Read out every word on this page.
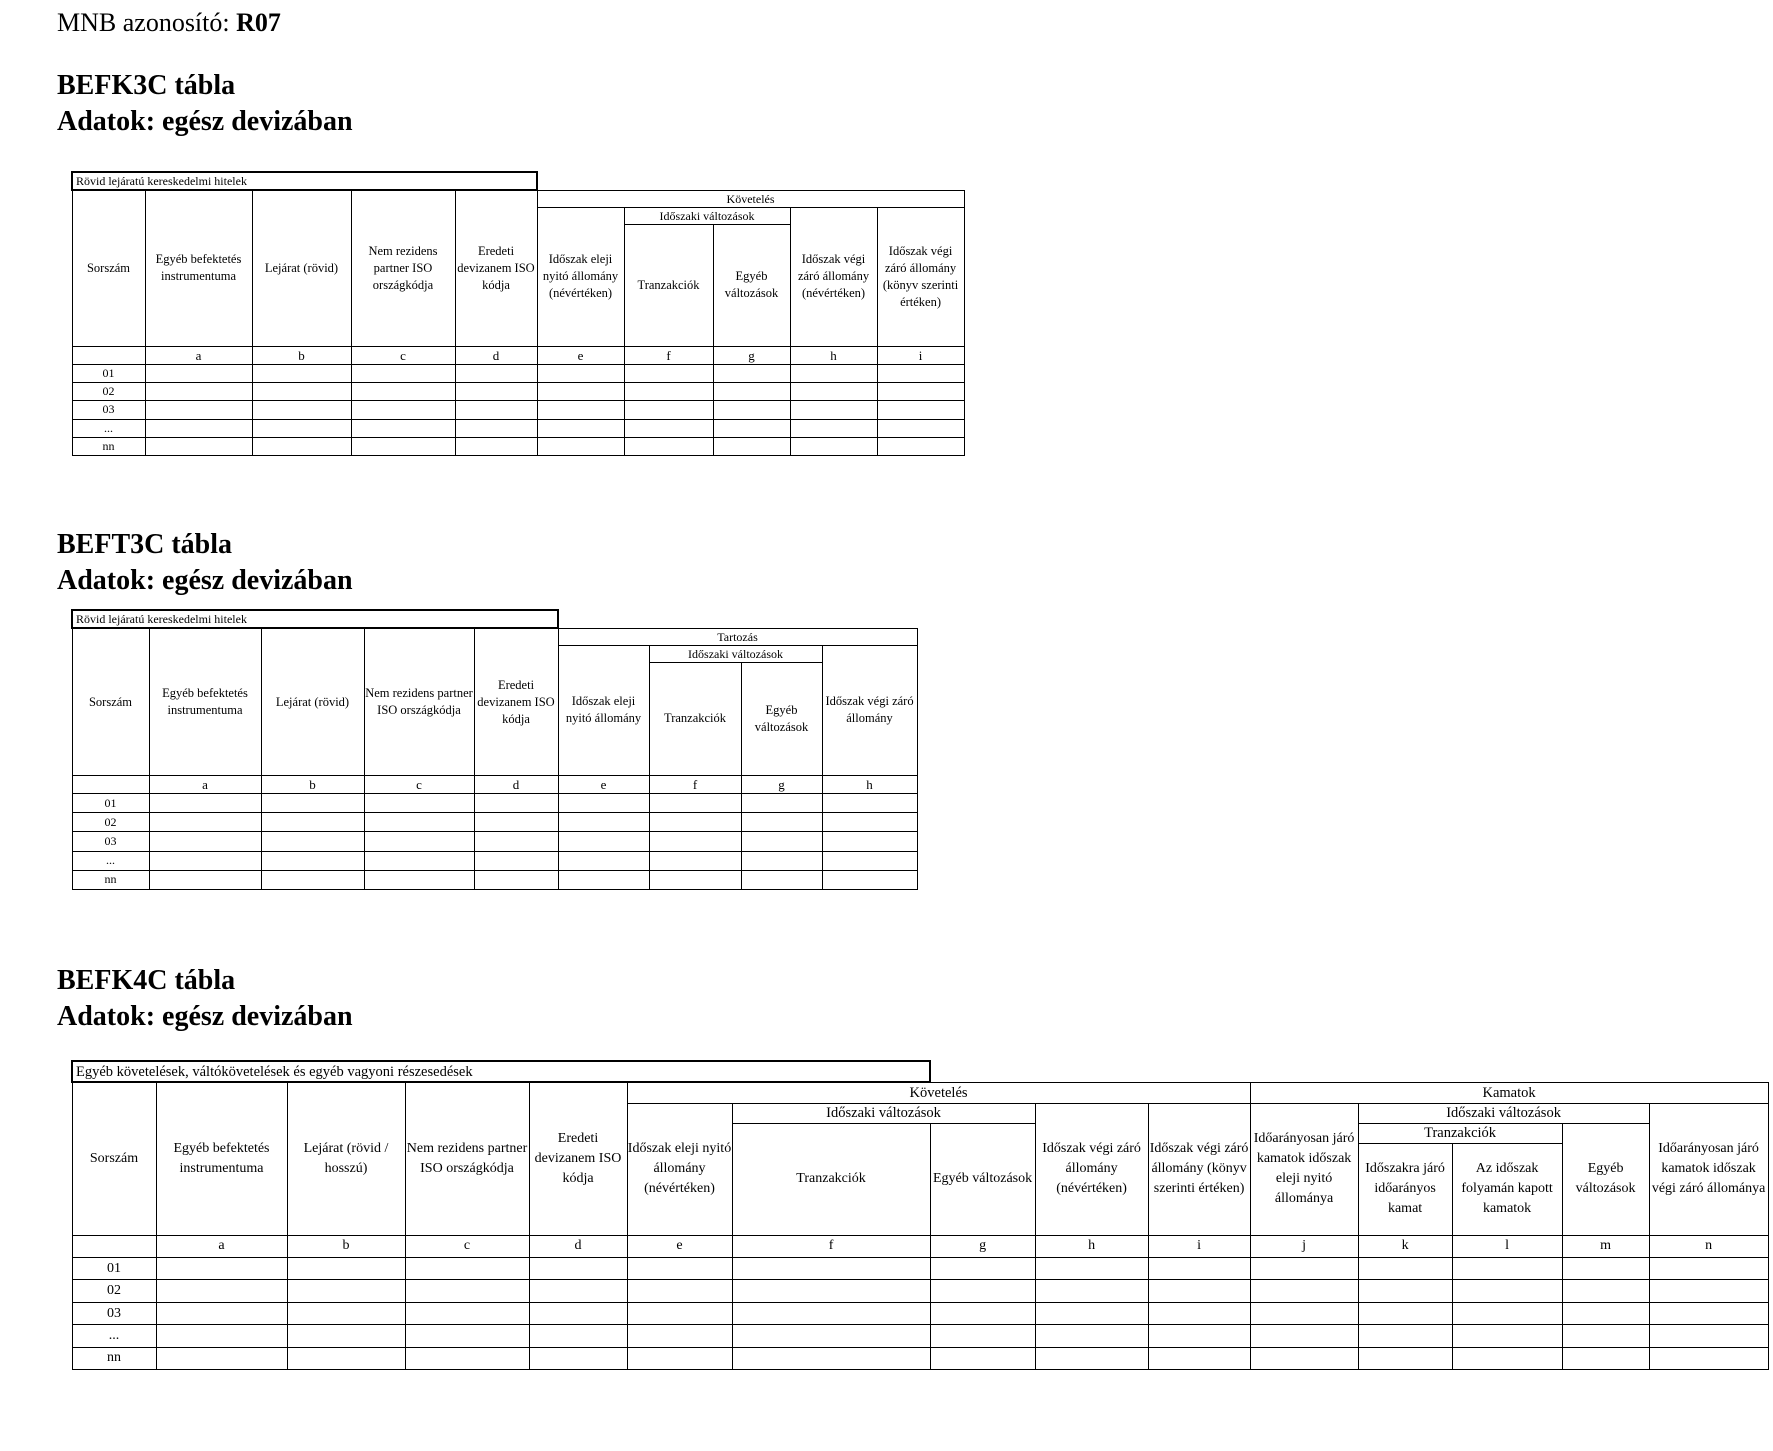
MNB azonosító: R07
BEFK3C tábla
Adatok: egész devizában
Rövid lejáratú kereskedelmi hitelek									
Sorszám	Egyéb befektetés instrumentuma	Lejárat (rövid)	Nem rezidens partner ISO országkódja	Eredeti devizanem ISO kódja	Követelés				
					Időszak eleji nyitó állomány (névértéken)	Időszaki változások		Időszak végi záró állomány (névértéken)	Időszak végi záró állomány (könyv szerinti értéken)
						Tranzakciók	Egyéb változások		
	a	b	c	d	e	f	g	h	i
01									
02									
03									
...									
nn									
BEFT3C tábla
Adatok: egész devizában
Rövid lejáratú kereskedelmi hitelek								
Sorszám	Egyéb befektetés instrumentuma	Lejárat (rövid)	Nem rezidens partner ISO országkódja	Eredeti devizanem ISO kódja	Tartozás			
					Időszak eleji nyitó állomány	Időszaki változások		Időszak végi záró állomány
						Tranzakciók	Egyéb változások	
	a	b	c	d	e	f	g	h
01								
02								
03								
...								
nn								
BEFK4C tábla
Adatok: egész devizában
Egyéb követelések, váltókövetelések és egyéb vagyoni részesedések														
Sorszám	Egyéb befektetés instrumentuma	Lejárat (rövid / hosszú)	Nem rezidens partner ISO országkódja	Eredeti devizanem ISO kódja	Követelés					Kamatok				
					Időszak eleji nyitó állomány (névértéken)	Időszaki változások		Időszak végi záró állomány (névértéken)	Időszak végi záró állomány (könyv szerinti értéken)	Időarányosan járó kamatok időszak eleji nyitó állománya	Időszaki változások			Időarányosan járó kamatok időszak végi záró állománya
						Tranzakciók	Egyéb változások				Tranzakciók		Egyéb változások	
											Időszakra járó időarányos kamat	Az időszak folyamán kapott kamatok		
	a	b	c	d	e	f	g	h	i	j	k	l	m	n
01														
02														
03														
...														
nn														
